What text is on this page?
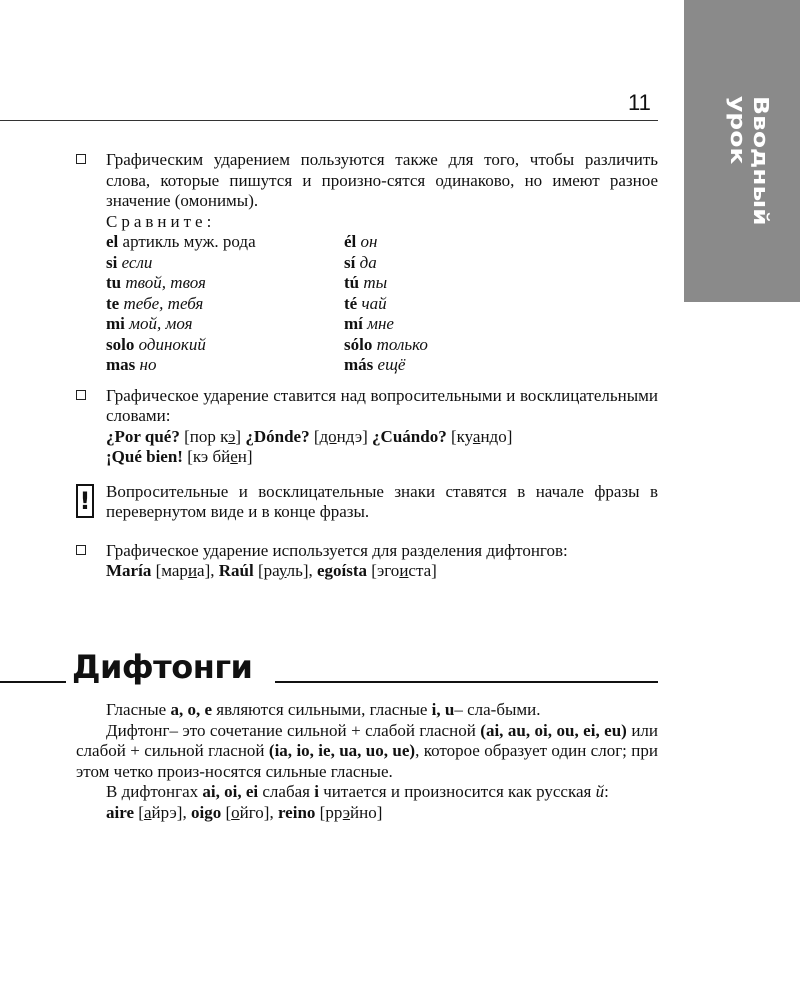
Вводный урок
11
Графическим ударением пользуются также для того, чтобы различить слова, которые пишутся и произно-сятся одинаково, но имеют разное значение (омонимы).
Сравните:
el артикль муж. рода	él он
si если	sí да
tu твой, твоя	tú ты
te тебе, тебя	té чай
mi мой, моя	mí мне
solo одинокий	sólo только
mas но	más ещё
Графическое ударение ставится над вопросительными и восклицательными словами:
¿Por qué? [пор кэ] ¿Dónde? [дондэ] ¿Cuándo? [куандо]
¡Qué bien! [кэ бйен]
! Вопросительные и восклицательные знаки ставятся в начале фразы в перевернутом виде и в конце фразы.
Графическое ударение используется для разделения дифтонгов:
María [мариа], Raúl [рауль], egoísta [эгоиста]
Дифтонги
Гласные a, o, e являются сильными, гласные i, u– сла-быми.
Дифтонг– это сочетание сильной + слабой гласной (ai, au, oi, ou, ei, eu) или слабой + сильной гласной (ia, io, ie, ua, uo, ue), которое образует один слог; при этом четко произ-носятся сильные гласные.
В дифтонгах ai, oi, ei слабая i читается и произносится как русская й:
aire [айрэ], oigo [ойго], reino [ррэйно]
